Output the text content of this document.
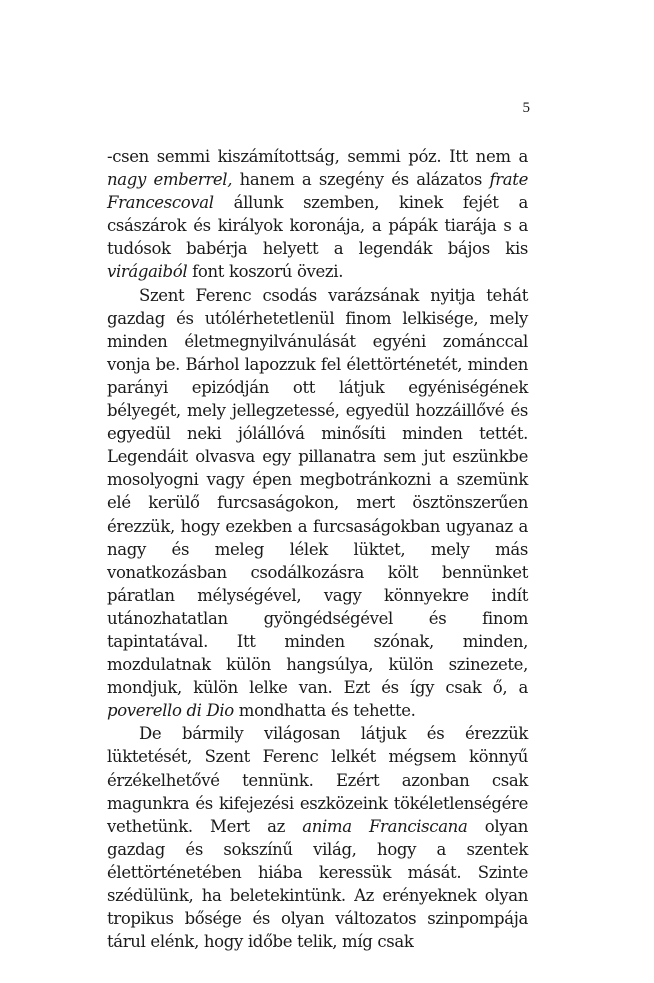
5

-csen semmi kiszámítottság, semmi póz. Itt nem a nagy emberrel, hanem a szegény és alázatos frate Francescoval állunk szemben, kinek fejét a császárok és királyok koronája, a pápák tiarája s a tudósok babérja helyett a legendák bájos kis virágaiból font koszorú övezi.

Szent Ferenc csodás varázsának nyitja tehát gazdag és utólérhetetlenül finom lelkisége, mely minden életmegnyilvánulását egyéni zománccal vonja be. Bárhol lapozzuk fel élettörténetét, minden parányi epizódján ott látjuk egyéniségének bélyegét, mely jellegzetessé, egyedül hozzáillővé és egyedül neki jólállóvá minősíti minden tettét. Legendáit olvasva egy pillanatra sem jut eszünkbe mosolyogni vagy épen megbotránkozni a szemünk elé kerülő furcsaságokon, mert ösztönszerűen érezzük, hogy ezekben a furcsaságokban ugyanaz a nagy és meleg lélek lüktet, mely más vonatkozásban csodálkozásra költ bennünket páratlan mélységével, vagy könnyekre indít utánozhatatlan gyöngédségével és finom tapintatával. Itt minden szónak, minden, mozdulatnak külön hangsúlya, külön szinezete, mondjuk, külön lelke van. Ezt és így csak ő, a poverello di Dio mondhatta és tehette.

De bármily világosan látjuk és érezzük lüktetését, Szent Ferenc lelkét mégsem könnyű érzékelhetővé tennünk. Ezért azonban csak magunkra és kifejezési eszközeink tökéletlenségére vethetünk. Mert az anima Franciscana olyan gazdag és sokszínű világ, hogy a szentek élettörténetében hiába keressük mását. Szinte szédülünk, ha beletekintünk. Az erényeknek olyan tropikus bősége és olyan változatos szinpompája tárul elénk, hogy időbe telik, míg csak
